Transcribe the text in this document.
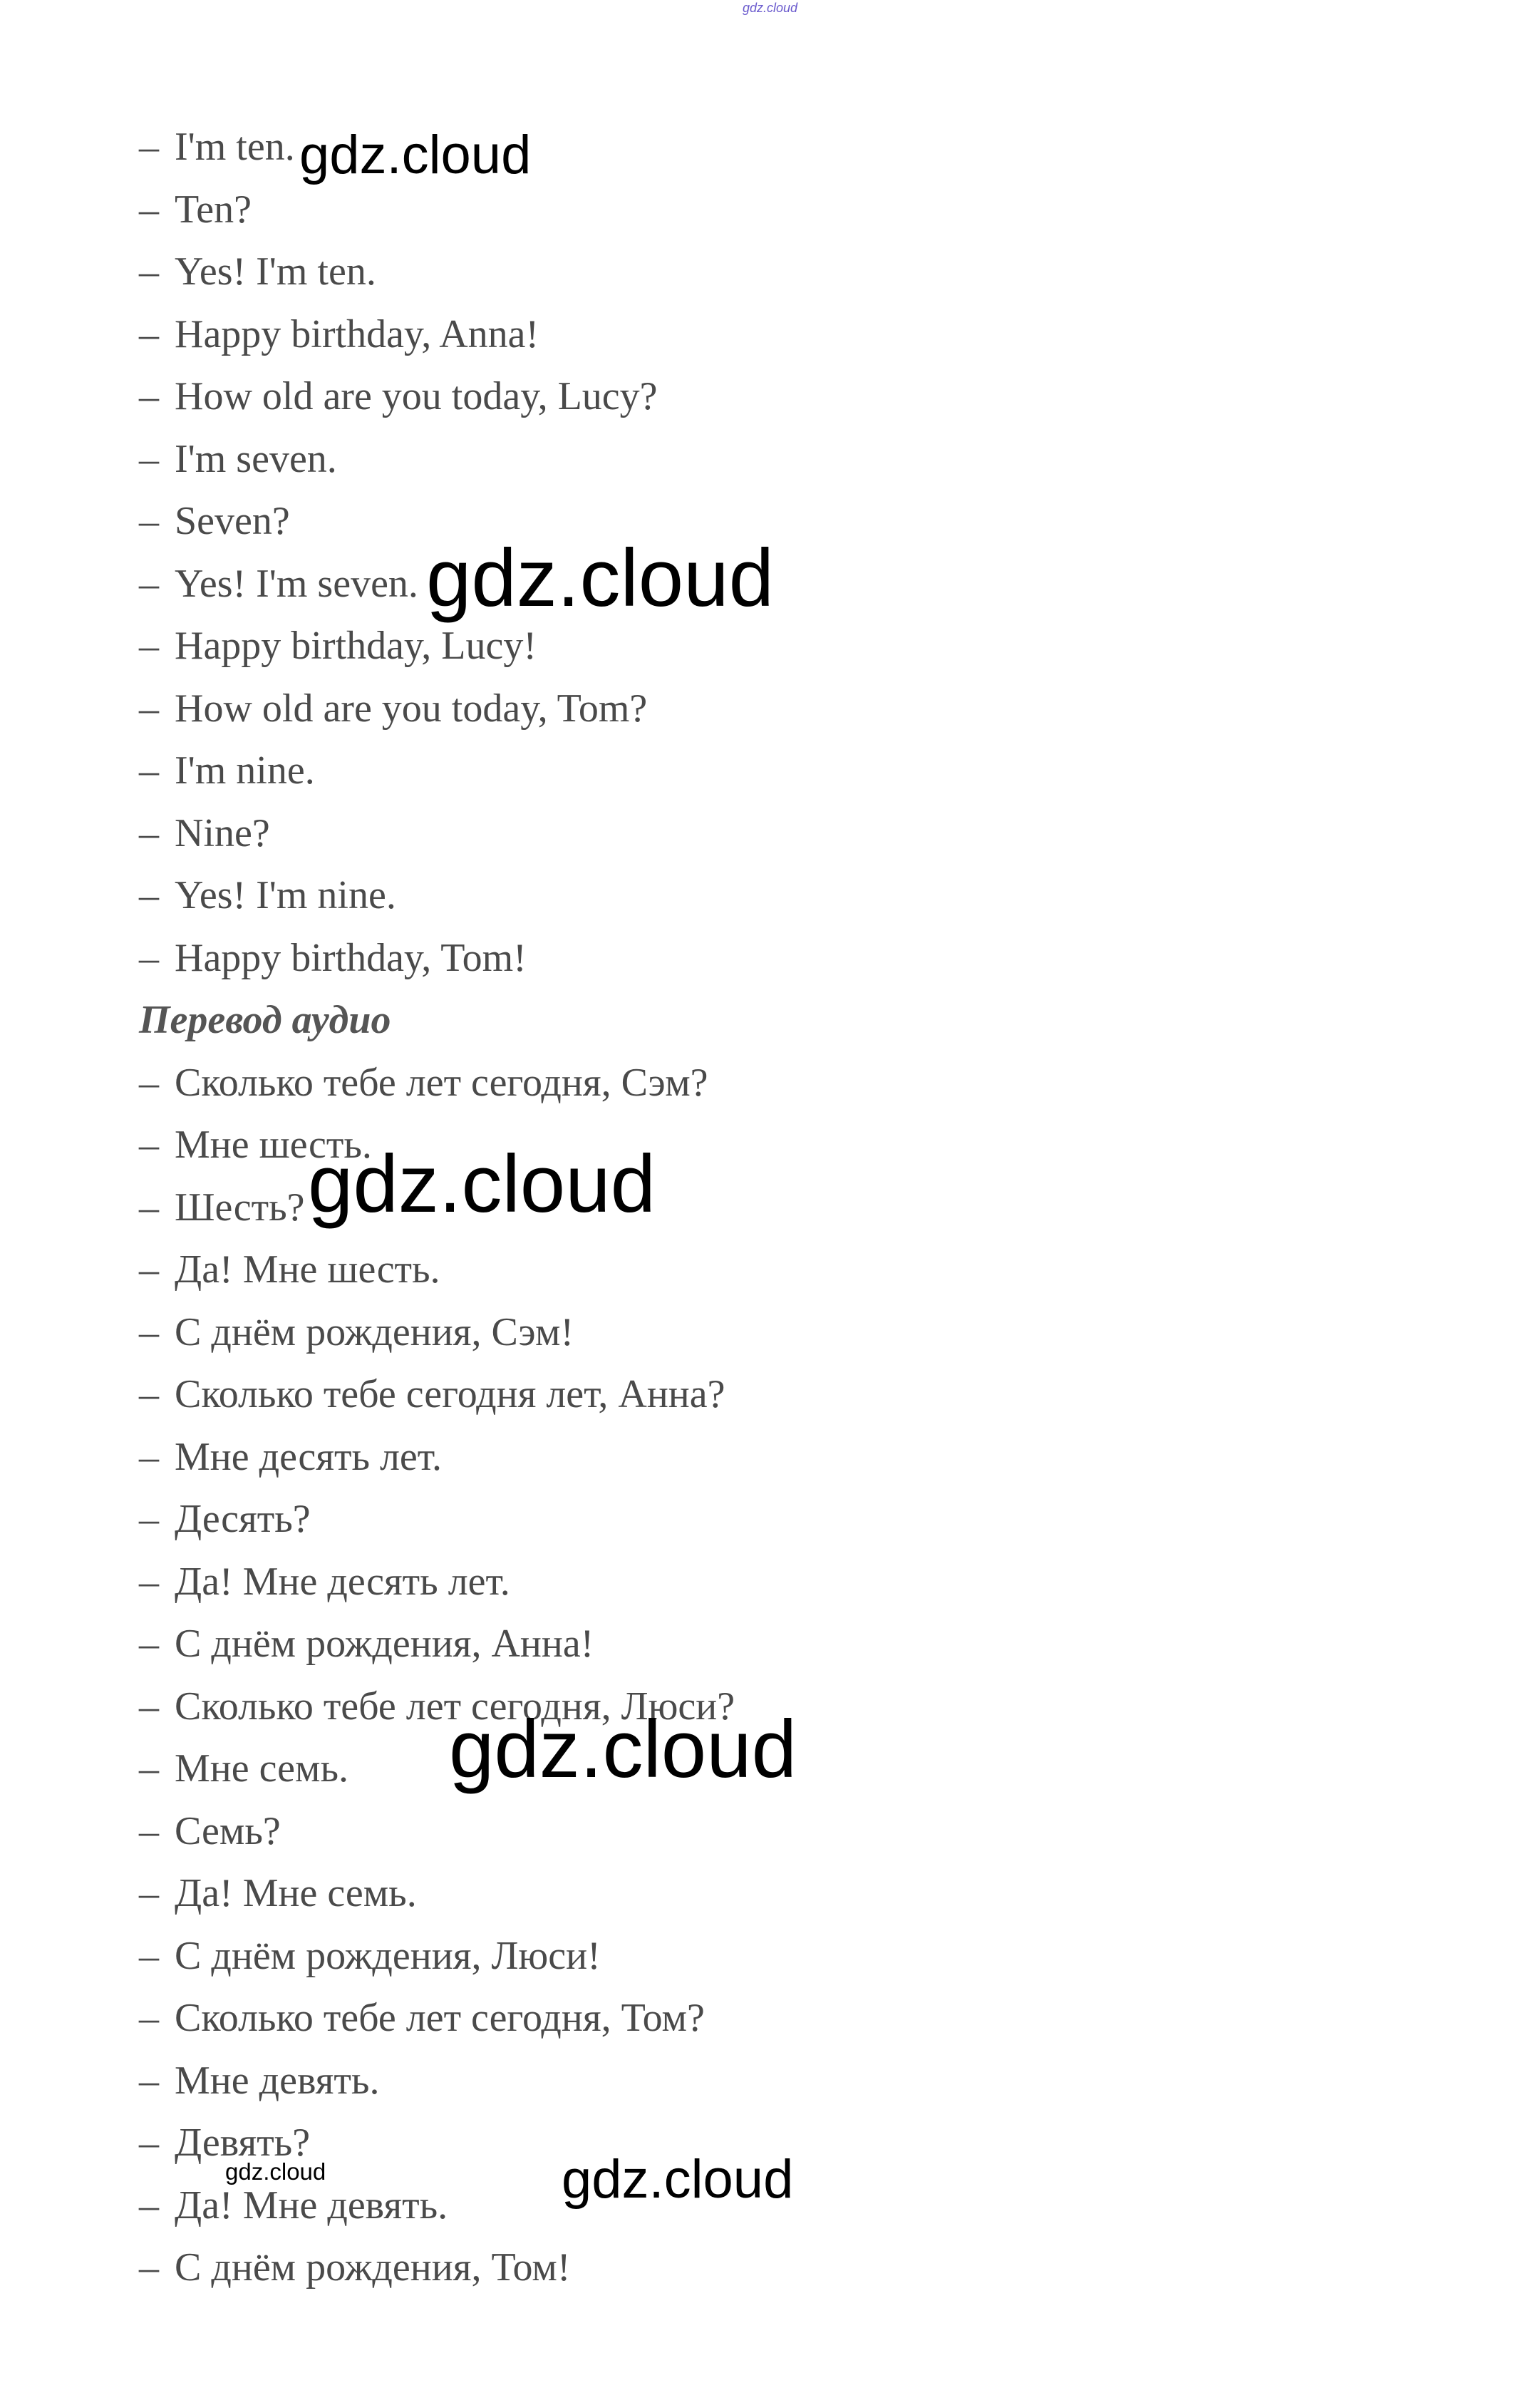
gdz.cloud
– I'm ten.
– Ten?
– Yes! I'm ten.
– Happy birthday, Anna!
– How old are you today, Lucy?
– I'm seven.
– Seven?
– Yes! I'm seven.
– Happy birthday, Lucy!
– How old are you today, Tom?
– I'm nine.
– Nine?
– Yes! I'm nine.
– Happy birthday, Tom!
Перевод аудио
– Сколько тебе лет сегодня, Сэм?
– Мне шесть.
– Шесть?
– Да! Мне шесть.
– С днём рождения, Сэм!
– Сколько тебе сегодня лет, Анна?
– Мне десять лет.
– Десять?
– Да! Мне десять лет.
– С днём рождения, Анна!
– Сколько тебе лет сегодня, Люси?
– Мне семь.
– Семь?
– Да! Мне семь.
– С днём рождения, Люси!
– Сколько тебе лет сегодня, Том?
– Мне девять.
– Девять?
– Да! Мне девять.
– С днём рождения, Том!
gdz.cloud
gdz.cloud
gdz.cloud
gdz.cloud
gdz.cloud	gdz.cloud
